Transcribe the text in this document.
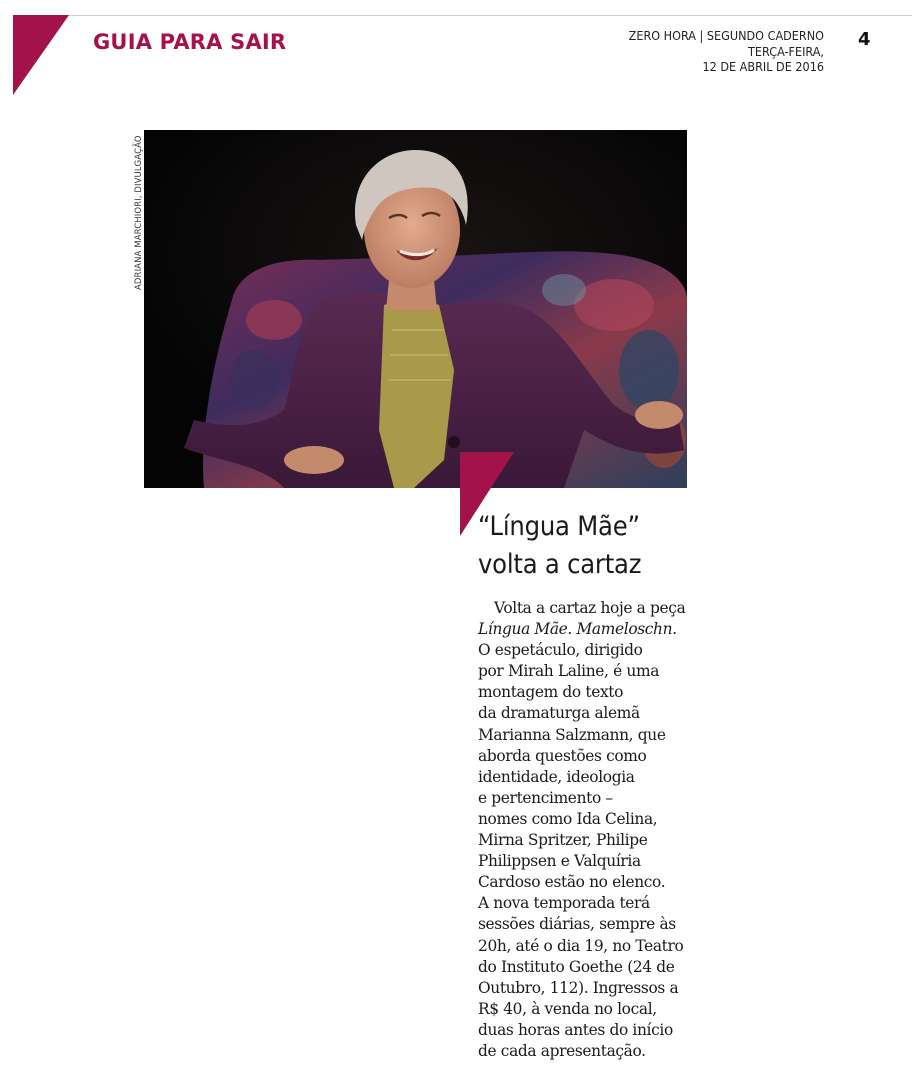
GUIA PARA SAIR	ZERO HORA | SEGUNDO CADERNO
TERÇA-FEIRA,
12 DE ABRIL DE 2016
4
ADRIANA MARCHIORI, DIVULGAÇÃO
“Língua Mãe”
volta a cartaz
Volta a cartaz hoje a peça
Língua Mãe. Mameloschn.
O espetáculo, dirigido
por Mirah Laline, é uma
montagem do texto
da dramaturga alemã
Marianna Salzmann, que
aborda questões como
identidade, ideologia
e pertencimento –
nomes como Ida Celina,
Mirna Spritzer, Philipe
Philippsen e Valquíria
Cardoso estão no elenco.
A nova temporada terá
sessões diárias, sempre às
20h, até o dia 19, no Teatro
do Instituto Goethe (24 de
Outubro, 112). Ingressos a
R$ 40, à venda no local,
duas horas antes do início
de cada apresentação.
